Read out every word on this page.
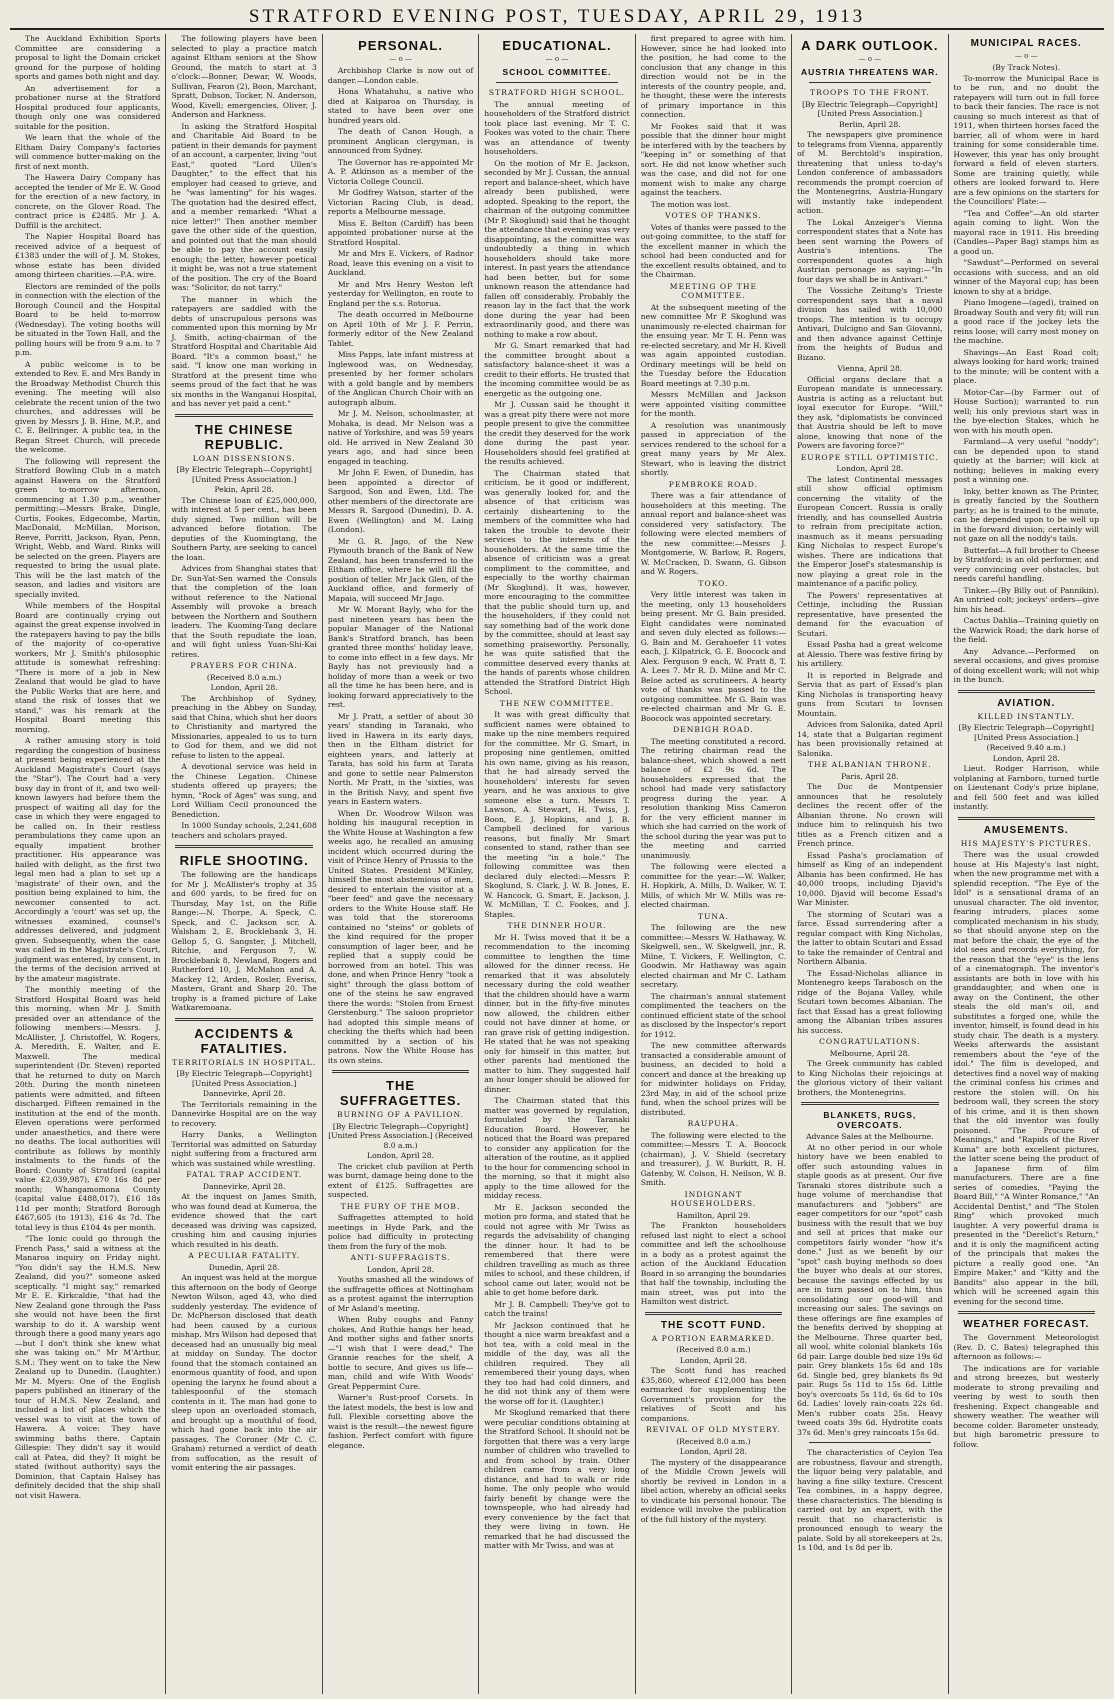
STRATFORD EVENING POST, TUESDAY, APRIL 29, 1913

The Auckland Exhibition Sports Committee are considering a proposal to light the Domain cricket ground for the purpose of holding sports and games both night and day.

An advertisement for a probationer nurse at the Stratford Hospital produced four applicants, though only one was considered suitable for the position.

We learn that the whole of the Eltham Dairy Company's factories will commence butter-making on the first of next month.

The Hawera Dairy Company has accepted the tender of Mr E. W. Good for the erection of a new factory, in concrete, on the Glover Road. The contract price is £2485. Mr J. A. Duffill is the architect.

The Napier Hospital Board has received advice of a bequest of £1383 under the will of J. M. Stokes, whose estate has been divided among thirteen charities.—P.A. wire.

Electors are reminded of the polls in connection with the election of the Borough Council and the Hospital Board to be held to-morrow (Wednesday). The voting booths will be situated in the Town Hall, and the polling hours will be from 9 a.m. to 7 p.m.

A public welcome is to be extended to Rev. E. and Mrs Bandy in the Broadway Methodist Church this evening. The meeting will also celebrate the recent union of the two churches, and addresses will be given by Messrs J. B. Hine, M.P., and C. E. Bellringer. A public tea, in the Regan Street Church, will precede the welcome.

The following will represent the Stratford Bowling Club in a match against Hawera on the Stratford green to-morrow afternoon, commencing at 1.30 p.m., weather permitting:—Messrs Brake, Dingle, Curtis, Fookes, Edgecombe, Martin, MacDonald, McMillan, Morison, Reeve, Porritt, Jackson, Ryan, Penn, Wright, Webb, and Ward. Rinks will be selected on the green. Players are requested to bring the usual plate. This will be the last match of the season, and ladies and visitors are specially invited.

While members of the Hospital Board are continually crying out against the great expense involved in the ratepayers having to pay the bills of the majority of co-operative workers, Mr J. Smith's philosophic attitude is somewhat refreshing: "There is more of a job in New Zealand that would be glad to have the Public Works that are here, and stand the risk of losses that we stand," was his remark at the Hospital Board meeting this morning.

A rather amusing story is told regarding the congestion of business at present being experienced at the Auckland Magistrate's Court (says the "Star"). The Court had a very busy day in front of it, and two well-known lawyers had before them the prospect of waiting all day for the case in which they were engaged to be called on. In their restless perambulations they came upon an equally impatient brother practitioner. His appearance was hailed with delight, as the first two legal men had a plan to set up a 'magistrate' of their own, and the position being explained to him, the newcomer consented to act. Accordingly a 'court' was set up, the witnesses examined, counsel's addresses delivered, and judgment given. Subsequently, when the case was called in the Magistrate's Court, judgment was entered, by consent, in the terms of the decision arrived at by the amateur magistrate.

The monthly meeting of the Stratford Hospital Board was held this morning, when Mr J. Smith presided over an attendance of the following members:—Messrs. J. McAllister, J. Christoffel, W. Rogers, A. Meredith, E. Walter, and E. Maxwell. The medical superintendent (Dr. Steven) reported that he returned to duty on March 20th. During the month nineteen patients were admitted, and fifteen discharged. Fifteen remained in the institution at the end of the month. Eleven operations were performed under anaesthetics, and there were no deaths. The local authorities will contribute as follows by monthly instalments to the funds of the Board: County of Stratford (capital value £2,039,987), £70 16s 8d per month; Whangamomona County (capital value £488,017), £16 18s 11d per month; Stratford Borough £467,605 (to 1913), £16 4s 7d. The total levy is thus £104 4s per month.

"The Ionic could go through the French Pass," said a witness at the Manaroa inquiry on Friday night. "You didn't say the H.M.S. New Zealand, did you?" someone asked sceptically. "I might say," remarked Mr E. E. Kirkcaldie, "that had the New Zealand gone through the Pass she would not have been the first warship to do it. A warship went through there a good many years ago—but I don't think she knew what she was taking on." Mr M'Arthur, S.M.: They went on to take the New Zealand up to Dunedin. (Laughter.) Mr M. Myers: One of the English papers published an itinerary of the tour of H.M.S. New Zealand, and included a list of places which the vessel was to visit at the town of Hawera. A voice: They have swimming baths there. Captain Gillespie: They didn't say it would call at Patea, did they? It might be stated (without authority) says the Dominion, that Captain Halsey has definitely decided that the ship shall not visit Hawera.

The following players have been selected to play a practice match against Eltham seniors at the Show Ground, the match to start at 3 o'clock:—Bonner, Dewar, W. Woods, Sullivan, Fearon (2), Boon, Marchant, Spratt, Dobson, Tocker, N. Anderson, Wood, Kivell; emergencies, Oliver, J. Anderson and Harkness.

In asking the Stratford Hospital and Charitable Aid Board to be patient in their demands for payment of an account, a carpenter, living "out East," quoted "Lord Ullen's Daughter," to the effect that his employer had ceased to grieve, and he "was lamenting" for his wages. The quotation had the desired effect, and a member remarked: "What a nice letter!" Then another member gave the other side of the question, and pointed out that the man should be able to pay the account easily enough; the letter, however poetical it might be, was not a true statement of the position. The cry of the Board was: "Solicitor, do not tarry."

The manner in which the ratepayers are saddled with the debts of unscrupulous persons was commented upon this morning by Mr J. Smith, acting-chairman of the Stratford Hospital and Charitable Aid Board. "It's a common boast," he said. "I know one man working in Stratford at the present time who seems proud of the fact that he was six months in the Wanganui Hospital, and has never yet paid a cent."

THE CHINESE REPUBLIC.
LOAN DISSENSIONS.
[By Electric Telegraph—Copyright] [United Press Association.]
Pekin, April 28.

The Chinese loan of £25,000,000, with interest at 5 per cent., has been duly signed. Two million will be advanced before flotation. The deputies of the Kuomingtang, the Southern Party, are seeking to cancel the loan.

Advices from Shanghai states that Dr. Sun-Yat-Sen warned the Consuls that the completion of the loan without reference to the National Assembly will provoke a breach between the Northern and Southern leaders. The Kuoming-Tang declare that the South repudiate the loan, and will fight unless Yuan-Shi-Kai retires.

PRAYERS FOR CHINA.
(Received 8.0 a.m.)
London, April 28.

The Archbishop of Sydney, preaching in the Abbey on Sunday, said that China, which shut her doors to Christianity and martyred the Missionaries, appealed to us to turn to God for them, and we did not refuse to listen to the appeal.

A devotional service was held in the Chinese Legation. Chinese students offered up prayers; the hymn, "Rock of Ages" was sung, and Lord William Cecil pronounced the Benediction.

In 1000 Sunday schools, 2,241,608 teachers and scholars prayed.

RIFLE SHOOTING.

The following are the handicaps for Mr J. McAllister's trophy at 35 and 600 yards, to be fired for on Thursday, May 1st, on the Rifle Range:—N. Thorpe, A. Speck, C. Speck, and C. Jackson scr, A. Walsham 2, E. Brocklebank 3, H. Gellop 5, G. Sangster, J. Mitchell, Ritchie, and Ferguson 7, W. Brocklebank 8, Newland, Rogers and Rutherford 10, J. McMahon and A. Mackey 12, Arden, Rosler, Everiss, Masters, Grant and Sharp 20. The trophy is a framed picture of Lake Watkaremoana.

ACCIDENTS & FATALITIES.
TERRITORIALS IN HOSPITAL.
[By Electric Telegraph—Copyright] [United Press Association.]
Dannevirke, April 28.

The Territorials remaining in the Dannevirke Hospital are on the way to recovery.

Harry Danks, a Wellington Territorial was admitted on Saturday night suffering from a fractured arm which was sustained while wrestling.

FATAL TRAP ACCIDENT.
Dannevirke, April 28.

At the inquest on James Smith, who was found dead at Kumeroa, the evidence showed that the cart deceased was driving was capsized, crushing him and causing injuries which resulted in his death.

A PECULIAR FATALITY.
Dunedin, April 28.

An inquest was held at the morgue this afternoon on the body of George Newton Wilson, aged 43, who died suddenly yesterday. The evidence of Dr. McPherson disclosed that death had been caused by a curious mishap. Mrs Wilson had deposed that deceased had an unusually big meal at midday on Sunday. The doctor found that the stomach contained an enormous quantity of food, and upon opening the larynx he found about a tablespoonful of the stomach contents in it. The man had gone to sleep upon an overloaded stomach, and brought up a mouthful of food, which had gone back into the air passages. The Coroner (Mr C. C. Graham) returned a verdict of death from suffocation, as the result of vomit entering the air passages.

PERSONAL.
— o —

Archbishop Clarke is now out of danger.—London cable.

Hona Whatahuhu, a native who died at Kaiparoa on Thursday, is stated to have been over one hundred years old.

The death of Canon Hough, a prominent Anglican clergyman, is announced from Sydney.

The Governor has re-appointed Mr A. P. Atkinson as a member of the Victoria College Council.

Mr Godfrey Watson, starter of the Victorian Racing Club, is dead, reports a Melbourne message.

Miss E. Belton (Cardiff) has been appointed probationer nurse at the Stratford Hospital.

Mr and Mrs E. Vickers, of Radnor Road, leave this evening on a visit to Auckland.

Mr and Mrs Henry Weston left yesterday for Wellington, en route to England per the s.s. Rotorua.

The death occurred in Melbourne on April 10th of Mr J. F. Perrin, formerly editor of the New Zealand Tablet.

Miss Papps, late infant mistress at Inglewood was, on Wednesday, presented by her former scholars with a gold bangle and by members of the Anglican Church Choir with an autograph album.

Mr J. M. Nelson, schoolmaster, at Mohaka, is dead. Mr Nelson was a native of Yorkshire, and was 59 years old. He arrived in New Zealand 30 years ago, and had since been engaged in teaching.

Mr John F. Ewen, of Dunedin, has been appointed a director of Sargood, Son and Ewen, Ltd. The other members of the directorate are Messrs R. Sargood (Dunedin), D. A. Ewen (Wellington) and M. Laing (London).

Mr G. R. Jago, of the New Plymouth branch of the Bank of New Zealand, has been transferred to the Eltham office, where he will fill the position of teller. Mr Jack Glen, of the Auckland office, and formerly of Mapaia, will succeed Mr Jago.

Mr W. Morant Bayly, who for the past nineteen years has been the popular Manager of the National Bank's Stratford branch, has been granted three months' holiday leave, to come into effect in a few days. Mr Bayly has not previously had a holiday of more than a week or two all the time he has been here, and is looking forward appreciatively to the rest.

Mr J. Pratt, a settler of about 30 years' standing in Taranaki, who lived in Hawera in its early days, then in the Eltham district for eighteen years, and latterly at Tarata, has sold his farm at Tarata and gone to settle near Palmerston North. Mr Pratt, in the 'sixties, was in the British Navy, and spent five years in Eastern waters.

When Dr. Woodrow Wilson was holding his inaugural reception in the White House at Washington a few weeks ago, he recalled an amusing incident which occurred during the visit of Prince Henry of Prussia to the United States. President M'Kinley, himself the most abstemious of men, desired to entertain the visitor at a "beer feed" and gave the necessary orders to the White House staff. He was told that the storerooms contained no "steins" or goblets of the kind required for the proper consumption of lager beer, and he replied that a supply could be borrowed from an hotel. This was done, and when Prince Henry "took a sight" through the glass bottom of one of the steins he saw engraved there the words: "Stolen from Ernest Gerstenburg." The saloon proprietor had adopted this simple means of checking the thefts which had been committed by a section of his patrons. Now the White House has its own steins.

THE SUFFRAGETTES.
BURNING OF A PAVILION.
[By Electric Telegraph—Copyright] [United Press Association.] (Received 8.0 a.m.)
London, April 28.

The cricket club pavilion at Perth was burnt, damage being done to the extent of £125. Suffragettes are suspected.

THE FURY OF THE MOB.

Suffragettes attempted to hold meetings in Hyde Park, and the police had difficulty in protecting them from the fury of the mob.

ANTI-SUFFRAGISTS.
London, April 28.

Youths smashed all the windows of the suffragette offices at Nottingham as a protest against the interruption of Mr Asland's meeting.

When Ruby coughs and Fanny chokes, And Ruthie hangs her head, And mother sighs and father snorts—"I wish that I were dead," The Grannie reaches for the shelf, A bottle to secure, And gives us life—man, child and wife With Woods' Great Peppermint Cure.

Warner's Rust-proof Corsets. In the latest models, the best is low and full. Flexible corsetting above the waist is the result—the newest figure fashion. Perfect comfort with figure elegance.

EDUCATIONAL.
— o —
SCHOOL COMMITTEE.
STRATFORD HIGH SCHOOL.

The annual meeting of householders of the Stratford district took place last evening. Mr T. C. Fookes was voted to the chair. There was an attendance of twenty householders.

On the motion of Mr E. Jackson, seconded by Mr J. Cussan, the annual report and balance-sheet, which have already been published, were adopted. Speaking to the report, the chairman of the outgoing committee (Mr P. Skoglund) said that he thought the attendance that evening was very disappointing, as the committee was undoubtedly a thing in which householders should take more interest. In past years the attendance had been better, but for some unknown reason the attendance had fallen off considerably. Probably the reason lay in the fact that the work done during the year had been extraordinarily good, and there was nothing to make a row about.

Mr G. Smart remarked that had the committee brought about a satisfactory balance-sheet it was a credit to their efforts. He trusted that the incoming committee would be as energetic as the outgoing one.

Mr J. Cussan said he thought it was a great pity there were not more people present to give the committee the credit they deserved for the work done during the past year. Householders should feel gratified at the results achieved.

The Chairman stated that criticism, be it good or indifferent, was generally looked for, and the absence of that criticism was certainly disheartening to the members of the committee who had taken the trouble to devote their services to the interests of the householders. At the same time the absence of criticism was a great compliment to the committee, and especially to the worthy chairman (Mr Skoglund). It was, however, more encouraging to the committee that the public should turn up, and the householders, if they could not say something bad of the work done by the committee, should at least say something praiseworthy. Personally, he was quite satisfied that the committee deserved every thanks at the hands of parents whose children attended the Stratford District High School.

THE NEW COMMITTEE.

It was with great difficulty that sufficient names were obtained to make up the nine members required for the committee. Mr G. Smart, in proposing nine gentlemen, omitted his own name, giving as his reason, that he had already served the householders' interests for seven years, and he was anxious to give someone else a turn. Messrs T. Lawson, A. Stewart, H. Twiss, J. Boon, E. J. Hopkins, and J. B. Campbell declined for various reasons, but finally Mr Smart consented to stand, rather than see the meeting "in a hole." The following committee was then declared duly elected:—Messrs P. Skoglund, S. Clark, J. W. B. Jones, E. W. Hancock, G. Smart, E. Jackson, J. W. McMillan, T. C. Fookes, and J. Staples.

THE DINNER HOUR.

Mr H. Twiss moved that it be a recommendation to the incoming committee to lengthen the time allowed for the dinner recess. He remarked that it was absolutely necessary during the cold weather that the children should have a warm dinner, but in the fifty-five minutes now allowed, the children either could not have dinner at home, or ran grave risk of getting indigestion. He stated that he was not speaking only for himself in this matter, but other parents had mentioned the matter to him. They suggested half an hour longer should be allowed for dinner.

The Chairman stated that this matter was governed by regulation, formulated by the Taranaki Education Board. However, he noticed that the Board was prepared to consider any application for the alteration of the routine, as it applied to the hour for commencing school in the morning, so that it might also apply to the time allowed for the midday recess.

Mr E. Jackson seconded the motion pro forma, and stated that he could not agree with Mr Twiss as regards the advisability of changing the dinner hour. It had to be remembered that there were children travelling as much as three miles to school, and these children, if school came out later, would not be able to get home before dark.

Mr J. B. Campbell: They've got to catch the trains!

Mr Jackson continued that he thought a nice warm breakfast and a hot tea, with a cold meal in the middle of the day, was all the children required. They all remembered their young days, when they too had had cold dinners, and he did not think any of them were the worse off for it. (Laughter.)

Mr Skoglund remarked that there were peculiar conditions obtaining at the Stratford School. It should not be forgotten that there was a very large number of children who travelled to and from school by train. Other children came from a very long distance, and had to walk or ride home. The only people who would fairly benefit by change were the townspeople, who had already had every convenience by the fact that they were living in town. He remarked that he had discussed the matter with Mr Twiss, and was at

first prepared to agree with him. However, since he had looked into the position, he had come to the conclusion that any change in this direction would not be in the interests of the country people, and, he thought, these were the interests of primary importance in this connection.

Mr Fookes said that it was possible that the dinner hour might be interfered with by the teachers by "keeping in" or something of that sort. He did not know whether such was the case, and did not for one moment wish to make any charge against the teachers.

The motion was lost.

VOTES OF THANKS.

Votes of thanks were passed to the out-going committee, to the staff for the excellent manner in which the school had been conducted and for the excellent results obtained, and to the Chairman.

MEETING OF THE COMMITTEE.

At the subsequent meeting of the new committee Mr P. Skoglund was unanimously re-elected chairman for the ensuing year. Mr T. H. Penn was re-elected secretary, and Mr H. Kivell was again appointed custodian. Ordinary meetings will be held on the Tuesday before the Education Board meetings at 7.30 p.m.

Messrs McMillan and Jackson were appointed visiting committee for the month.

A resolution was unanimously passed in appreciation of the services rendered to the school for a great many years by Mr Alex. Stewart, who is leaving the district shortly.

PEMBROKE ROAD.

There was a fair attendance of householders at this meeting. The annual report and balance-sheet was considered very satisfactory. The following were elected members of the new committee:—Messrs J. Montgomerie, W. Barlow, R. Rogers, W. McCracken, D. Swann, G. Gibson and W. Rogers.

TOKO.

Very little interest was taken in the meeting, only 13 householders being present. Mr G. Bain presided. Eight candidates were nominated and seven duly elected as follows:—G. Bain and M. Gerahoefer 11 votes each, J. Kilpatrick, G. E. Boocock and Alex. Ferguson 9 each, W. Pratt 8, T. A. Lees 7. Mr R. D. Milne and Mr C. Beloe acted as scrutineers. A hearty vote of thanks was passed to the outgoing committee. Mr G. Bain was re-elected chairman and Mr G. E. Boocock was appointed secretary.

DENBIGH ROAD.

The meeting constituted a record. The retiring chairman read the balance-sheet, which showed a nett balance of £2 9s 6d. The householders expressed that the school had made very satisfactory progress during the year. A resolution thanking Miss Cameron for the very efficient manner in which she had carried on the work of the school during the year was put to the meeting and carried unanimously.

The following were elected a committee for the year:—W. Walker, H. Hopkirk, A. Mills, D. Walker, W. T. Mills, of which Mr W. Mills was re-elected chairman.

TUNA.

The following are the new committee:—Messrs W. Hathaway, W. Skelgwell, sen., W. Skelgwell, jnr., R. Milne, T. Vickers, F. Wellington, C. Goodwin. Mr Hathaway was again elected chairman and Mr C. Latham secretary.

The chairman's annual statement complimented the teachers on the continued efficient state of the school as disclosed by the Inspector's report for 1912.

The new committee afterwards transacted a considerable amount of business, an decided to hold a concert and dance at the breaking up for midwinter holidays on Friday, 23rd May, in aid of the school prize fund, when the school prizes will be distributed.

RAUPUHA.

The following were elected to the committee:—Messrs T. A. Boocock (chairman), J. V. Shield (secretary and treasurer), J. W. Burkitt, R. H. Gatenby, W. Colson, H. Neilson, W. B. Smith.

INDIGNANT HOUSEHOLDERS.
Hamilton, April 29.

The Frankton householders refused last night to elect a school committee and left the schoolhouse in a body as a protest against the action of the Auckland Education Board in so arranging the boundaries that half the township, including the main street, was put into the Hamilton west district.

THE SCOTT FUND.
A PORTION EARMARKED.
(Received 8.0 a.m.)
London, April 28.

The Scott fund has reached £35,860, whereof £12,000 has been earmarked for supplementing the Government's provision for the relatives of Scott and his companions.

REVIVAL OF OLD MYSTERY.
(Received 8.0 a.m.)
London, April 28.

The mystery of the disappearance of the Middle Crown Jewels will shortly be revived in London in a libel action, whereby an official seeks to vindicate his personal honour. The evidence will involve the publication of the full history of the mystery.

A DARK OUTLOOK.
— o —
AUSTRIA THREATENS WAR.
TROOPS TO THE FRONT.
[By Electric Telegraph—Copyright] [United Press Association.]
Berlin, April 28.

The newspapers give prominence to telegrams from Vienna, apparently of M. Berchtold's inspiration, threatening that unless to-day's London conference of ambassadors recommends the prompt coercion of the Montenegrins, Austria-Hungary will instantly take independent action.

The Lokal Anzeiger's Vienna correspondent states that a Note has been sent warning the Powers of Austria's intentions. The correspondent quotes a high Austrian personage as saying:—"In four days we shall be in Antivari."

The Vossiche Zeitung's Trieste correspondent says that a naval division has sailed with 10,000 troops. The intention is to occupy Antivari, Dulcigno and San Giovanni, and then advance against Cettinje from the heights of Budua and Bizano.

Vienna, April 28.

Official organs declare that a European mandate is unnecessary. Austria is acting as a reluctant but loyal executor for Europe. "Will," they ask, "diplomatists be convinced that Austria should be left to move alone, knowing that none of the Powers are favoring force?"

EUROPE STILL OPTIMISTIC.
London, April 28.

The latest Continental messages still show official optimism concerning the vitality of the European Concert. Russia is orally friendly, and has counselled Austria to refrain from precipitate action, inasmuch as it means persuading King Nicholas to respect Europe's wishes. There are indications that the Emperor Josef's statesmanship is now playing a great role in the maintenance of a pacific policy.

The Powers' representatives at Cettinje, including the Russian representative, have presented the demand for the evacuation of Scutari.

Essad Pasha had a great welcome at Alessio. There was festive firing by his artillery.

It is reported in Belgrade and Servia that as part of Essad's plan King Nicholas is transporting heavy guns from Scutari to Iovnsen Mountain.

Advices from Salonika, dated April 14, state that a Bulgarian regiment has been provisionally retained at Salonika.

THE ALBANIAN THRONE.
Paris, April 28.

The Duc de Montpensier announces that he resolutely declines the recent offer of the Albanian throne. No crown will induce him to relinquish his two titles as a French citizen and a French prince.

Essad Pasha's proclamation of himself as King of an independent Albania has been confirmed. He has 40,000 troops, including Djavid's 10,000. Djavid will become Essad's War Minister.

The storming of Scutari was a farce. Essad surrendering after a regular compact with King Nicholas, the latter to obtain Scutari and Essad to take the remainder of Central and Northern Albania.

The Essad-Nicholas alliance in Montenegro keeps Tarabosch on the ridge of the Bojana Valley, while Scutari town becomes Albanian. The fact that Essad has a great following among the Albanian tribes assures his success.

CONGRATULATIONS.
Melbourne, April 28.

The Greek community has cabled to King Nicholas their rejoicings at the glorious victory of their valiant brothers, the Montenegrins.

BLANKETS, RUGS, OVERCOATS.
Advance Sales at the Melbourne.

At no other period in our whole history have we been enabled to offer such astounding values in staple goods as at present. Our five Taranaki stores distribute such a huge volume of merchandise that manufacturers and "jobbers" are eager competitors for our "spot" cash business with the result that we buy and sell at prices that make our competitors fairly wonder "how it's done." Just as we benefit by our "spot" cash buying methods so does the buyer who deals at our stores, because the savings effected by us are in turn passed on to him, thus consolidating our good-will and increasing our sales. The savings on these offerings are fine examples of the benefits derived by shopping at the Melbourne. Three quarter bed, all wool, white colonial blankets 16s 6d pair. Large double bed size 19s 6d pair. Grey blankets 15s 6d and 18s 6d. Single bed, grey blankets 8s 9d pair. Rugs 5s 11d to 15s 6d. Little boy's overcoats 5s 11d, 6s 6d to 10s 6d. Ladies' lovely rain-coats 22s 6d. Men's rubber coats 25s. Heavy tweed coats 39s 6d. Hydrotite coats 37s 6d. Men's grey raincoats 15s 6d.

The characteristics of Ceylon Tea are robustness, flavour and strength, the liquor being very palatable, and having a fine silky texture. Crescent Tea combines, in a happy degree, these characteristics. The blending is carried out by an expert, with the result that no characteristic is pronounced enough to weary the palate. Sold by all storekeepers at 2s, 1s 10d, and 1s 8d per lb.

MUNICIPAL RACES.
— o —
(By Track Notes).

To-morrow the Municipal Race is to be run, and no doubt the ratepayers will turn out in full force to back their fancies. The race is not causing so much interest as that of 1911, when thirteen horses faced the barrier, all of whom were in hard training for some considerable time. However, this year has only brought forward a field of eleven starters. Some are training quietly, while others are looked forward to. Here are a few opinions on the starters for the Councillors' Plate:—

"Tea and Coffee"—An old starter again coming to light. Won the mayoral race in 1911. His breeding (Candles—Paper Bag) stamps him as a good un.

"Sawdust"—Performed on several occasions with success, and an old winner of the Mayoral cup; has been known to shy at a bridge.

Piano Imogene—(aged), trained on Broadway South and very fit; will run a good race if the jockey lets the reins loose; will carry most money on the machine.

Shavings—An East Road colt; always looking for hard work; trained to the minute; will be content with a place.

Motor-Car—(by Farmer out of House Suction); warranted to run well; his only previous start was in the bye-election Stakes, which he won with his mouth open.

Farmland—A very useful "noddy"; can be depended upon to stand quietly at the barrier; will kick at nothing; believes in making every post a winning one.

Inky, better known as The Printer, is greatly fancied by the Southern party; as he is trained to the minute, can be depended upon to be well up in the forward division; certainly will not gaze on all the noddy's tails.

Butterfat—A full brother to Cheese by Stratford; is an old performer, and very convincing over obstacles, but needs careful handling.

Tinker.—(By Billy out of Pannikin). An untried colt; jockeys' orders—give him his head.

Cactus Dahlia—Training quietly on the Warwick Road; the dark horse of the field.

Any Advance.—Performed on several occasions, and gives promise of doing excellent work; will not whip in the bunch.

AVIATION.
KILLED INSTANTLY.
[By Electric Telegraph—Copyright] [United Press Association.]
(Received 9.40 a.m.)
London, April 28.

Lieut. Rodger Harrison, while volplaning at Farnboro, turned turtle on Lieutenant Cody's prize biplane, and fell 500 feet and was killed instantly.

AMUSEMENTS.
HIS MAJESTY'S PICTURES.

There was the usual crowded house at His Majesty's last night, when the new programme met with a splendid reception. "The Eye of the Idol" is a sensational drama of an unusual character. The old inventor, fearing intruders, places some complicated mechanism in his study, so that should anyone step on the mat before the chair, the eye of the idol sees and records everything, for the reason that the "eye" is the lens of a cinematograph. The inventor's assistants are both in love with his granddaughter, and when one is away on the Continent, the other steals the old man's oil, and substitutes a forged one, while the inventor, himself, is found dead in his study chair. The death is a mystery. Weeks afterwards the assistant remembers about the "eye of the idol." The film is developed, and detectives find a novel way of making the criminal confess his crimes and restore the stolen will. On his bedroom wall, they screen the story of his crime, and it is then shown that the old inventor was foully poisoned. "The Procure of Meanings," and "Rapids of the River Kuma" are both excellent pictures, the latter scene being the product of a Japanese firm of film manufacturers. There are a fine series of comedies, "Paying the Board Bill," "A Winter Romance," "An Accidental Dentist," and "The Stolen Ring" which provoked much laughter. A very powerful drama is presented in the "Derelict's Return," and it is only the magnificent acting of the principals that makes the picture a really good one. "An Empire Maker," and "Kitty and the Bandits" also appear in the bill, which will be screened again this evening for the second time.

WEATHER FORECAST.

The Government Meteorologist (Rev. D. C. Bates) telegraphed this afternoon as follows:—

The indications are for variable and strong breezes, but westerly moderate to strong prevailing and veering by west to south then freshening. Expect changeable and showery weather. The weather will become colder. Barometer unsteady, but high barometric pressure to follow.
